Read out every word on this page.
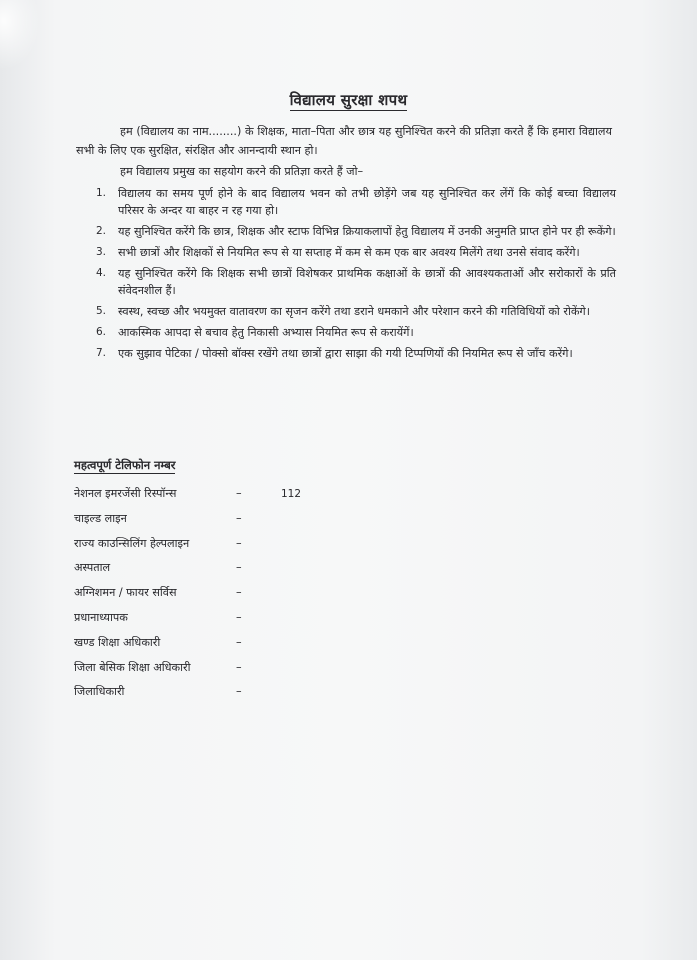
विद्यालय सुरक्षा शपथ
हम (विद्यालय का नाम........) के शिक्षक, माता–पिता और छात्र यह सुनिश्चित करने की प्रतिज्ञा करते हैं कि हमारा विद्यालय सभी के लिए एक सुरक्षित, संरक्षित और आनन्दायी स्थान हो।
हम विद्यालय प्रमुख का सहयोग करने की प्रतिज्ञा करते हैं जो–
1. विद्यालय का समय पूर्ण होने के बाद विद्यालय भवन को तभी छोड़ेंगे जब यह सुनिश्चित कर लेंगें कि कोई बच्चा विद्यालय परिसर के अन्दर या बाहर न रह गया हो।
2. यह सुनिश्चित करेंगे कि छात्र, शिक्षक और स्टाफ विभिन्न क्रियाकलापों हेतु विद्यालय में उनकी अनुमति प्राप्त होने पर ही रूकेंगे।
3. सभी छात्रों और शिक्षकों से नियमित रूप से या सप्ताह में कम से कम एक बार अवश्य मिलेंगे तथा उनसे संवाद करेंगे।
4. यह सुनिश्चित करेंगे कि शिक्षक सभी छात्रों विशेषकर प्राथमिक कक्षाओं के छात्रों की आवश्यकताओं और सरोकारों के प्रति संवेदनशील हैं।
5. स्वस्थ, स्वच्छ और भयमुक्त वातावरण का सृजन करेंगे तथा डराने धमकाने और परेशान करने की गतिविधियों को रोकेंगे।
6. आकस्मिक आपदा से बचाव हेतु निकासी अभ्यास नियमित रूप से करायेंगें।
7. एक सुझाव पेटिका / पोक्सो बॉक्स रखेंगे तथा छात्रों द्वारा साझा की गयी टिप्पणियों की नियमित रूप से जाँच करेंगे।
महत्वपूर्ण टेलिफोन नम्बर
नेशनल इमरजेंसी रिस्पॉन्स	–	112
चाइल्ड लाइन	–
राज्य काउन्सिलिंग हेल्पलाइन	–
अस्पताल	–
अग्निशमन / फायर सर्विस	–
प्रधानाध्यापक	–
खण्ड शिक्षा अधिकारी	–
जिला बेसिक शिक्षा अधिकारी	–
जिलाधिकारी	–
